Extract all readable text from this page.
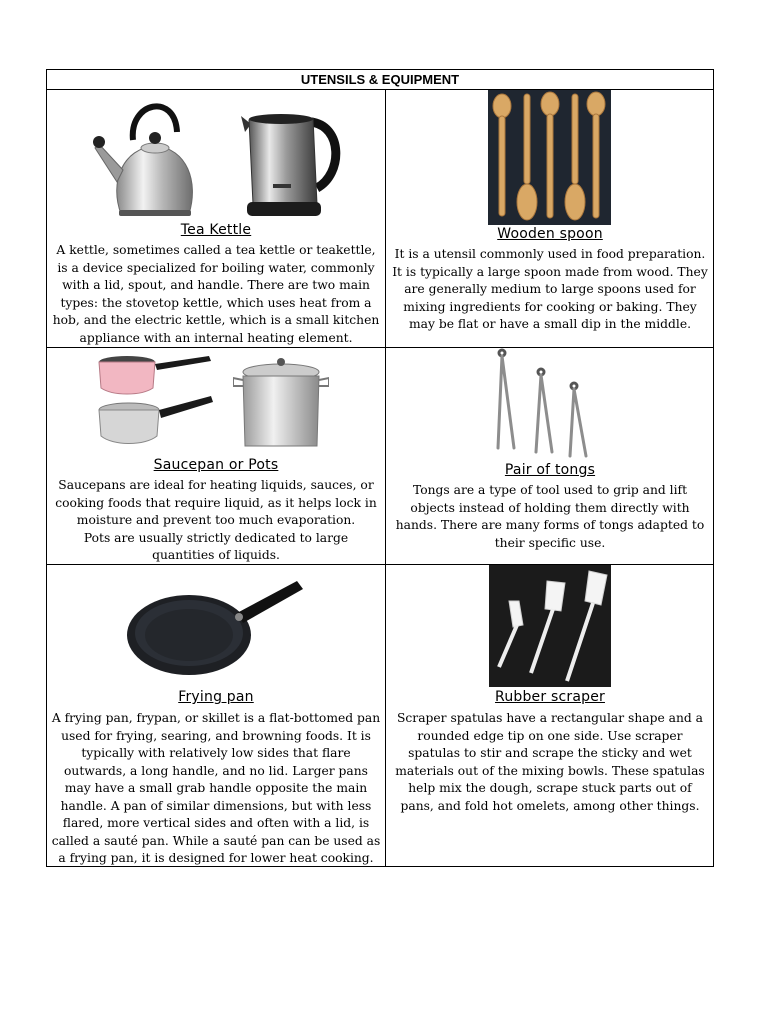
UTENSILS & EQUIPMENT
Tea Kettle
A kettle, sometimes called a tea kettle or teakettle, is a device specialized for boiling water, commonly with a lid, spout, and handle. There are two main types: the stovetop kettle, which uses heat from a hob, and the electric kettle, which is a small kitchen appliance with an internal heating element.
Wooden spoon
It is a utensil commonly used in food preparation. It is typically a large spoon made from wood. They are generally medium to large spoons used for mixing ingredients for cooking or baking. They may be flat or have a small dip in the middle.
Saucepan or Pots
Saucepans are ideal for heating liquids, sauces, or cooking foods that require liquid, as it helps lock in moisture and prevent too much evaporation.
Pots are usually strictly dedicated to large quantities of liquids.
Pair of tongs
Tongs are a type of tool used to grip and lift objects instead of holding them directly with hands. There are many forms of tongs adapted to their specific use.
Frying pan
A frying pan, frypan, or skillet is a flat-bottomed pan used for frying, searing, and browning foods. It is typically with relatively low sides that flare outwards, a long handle, and no lid. Larger pans may have a small grab handle opposite the main handle. A pan of similar dimensions, but with less flared, more vertical sides and often with a lid, is called a sauté pan. While a sauté pan can be used as a frying pan, it is designed for lower heat cooking.
Rubber scraper
Scraper spatulas have a rectangular shape and a rounded edge tip on one side. Use scraper spatulas to stir and scrape the sticky and wet materials out of the mixing bowls. These spatulas help mix the dough, scrape stuck parts out of pans, and fold hot omelets, among other things.
